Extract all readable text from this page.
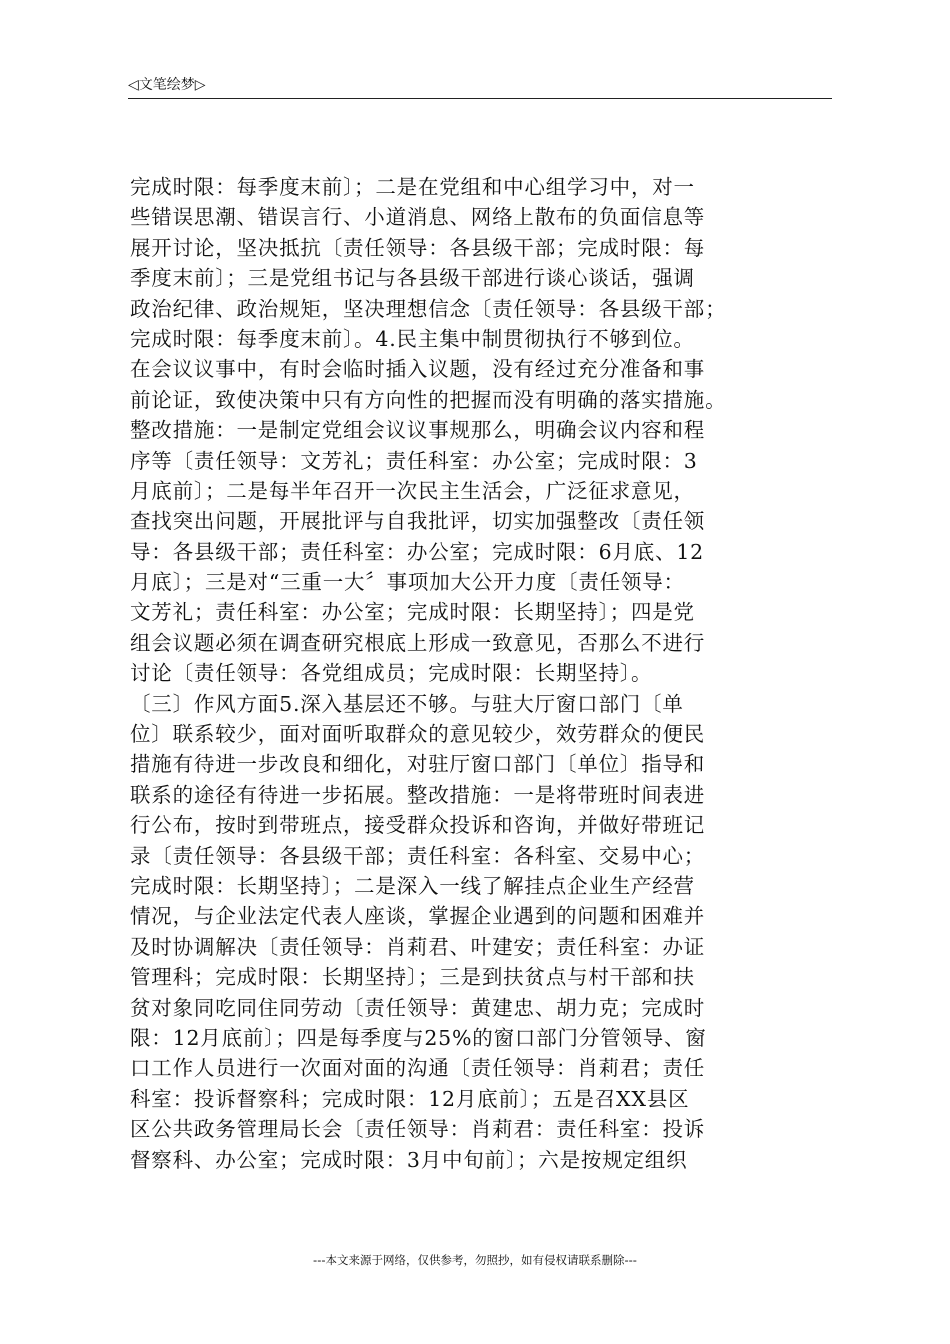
◁文笔绘梦▷
完成时限：每季度末前〕；二是在党组和中心组学习中，对一
些错误思潮、错误言行、小道消息、网络上散布的负面信息等
展开讨论，坚决抵抗〔责任领导：各县级干部；完成时限：每
季度末前〕；三是党组书记与各县级干部进行谈心谈话，强调
政治纪律、政治规矩，坚决理想信念〔责任领导：各县级干部；
完成时限：每季度末前〕。4.民主集中制贯彻执行不够到位。
在会议议事中，有时会临时插入议题，没有经过充分准备和事
前论证，致使决策中只有方向性的把握而没有明确的落实措施。
整改措施：一是制定党组会议议事规那么，明确会议内容和程
序等〔责任领导：文芳礼；责任科室：办公室；完成时限：3
月底前〕；二是每半年召开一次民主生活会，广泛征求意见，
查找突出问题，开展批评与自我批评，切实加强整改〔责任领
导：各县级干部；责任科室：办公室；完成时限：6月底、12
月底〕；三是对“三重一大〞事项加大公开力度〔责任领导：
文芳礼；责任科室：办公室；完成时限：长期坚持〕；四是党
组会议题必须在调查研究根底上形成一致意见，否那么不进行
讨论〔责任领导：各党组成员；完成时限：长期坚持〕。
〔三〕作风方面5.深入基层还不够。与驻大厅窗口部门〔单
位〕联系较少，面对面听取群众的意见较少，效劳群众的便民
措施有待进一步改良和细化，对驻厅窗口部门〔单位〕指导和
联系的途径有待进一步拓展。整改措施：一是将带班时间表进
行公布，按时到带班点，接受群众投诉和咨询，并做好带班记
录〔责任领导：各县级干部；责任科室：各科室、交易中心；
完成时限：长期坚持〕；二是深入一线了解挂点企业生产经营
情况，与企业法定代表人座谈，掌握企业遇到的问题和困难并
及时协调解决〔责任领导：肖莉君、叶建安；责任科室：办证
管理科；完成时限：长期坚持〕；三是到扶贫点与村干部和扶
贫对象同吃同住同劳动〔责任领导：黄建忠、胡力克；完成时
限：12月底前〕；四是每季度与25%的窗口部门分管领导、窗
口工作人员进行一次面对面的沟通〔责任领导：肖莉君；责任
科室：投诉督察科；完成时限：12月底前〕；五是召XX县区
区公共政务管理局长会〔责任领导：肖莉君：责任科室：投诉
督察科、办公室；完成时限：3月中旬前〕；六是按规定组织
---本文来源于网络，仅供参考，勿照抄，如有侵权请联系删除---
